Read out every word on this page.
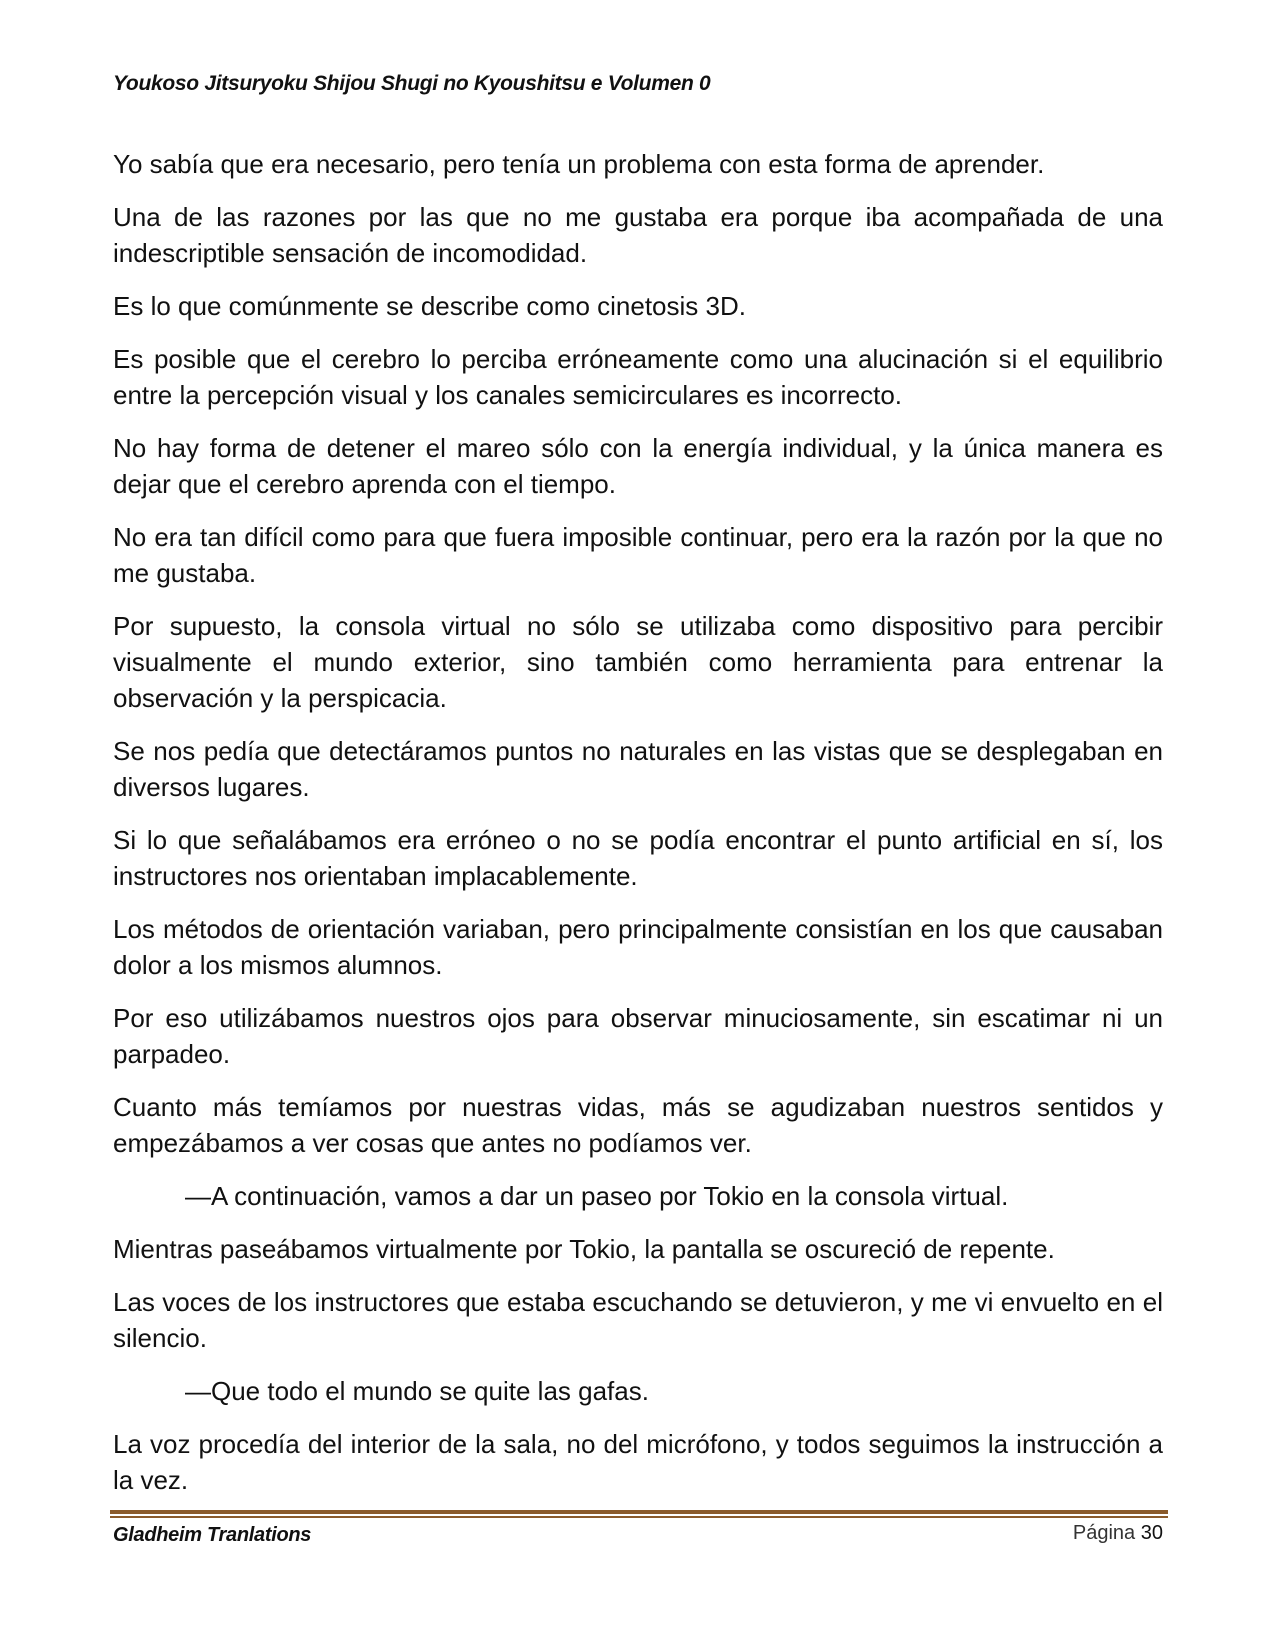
Youkoso Jitsuryoku Shijou Shugi no Kyoushitsu e Volumen 0

Yo sabía que era necesario, pero tenía un problema con esta forma de aprender.

Una de las razones por las que no me gustaba era porque iba acompañada de una indescriptible sensación de incomodidad.

Es lo que comúnmente se describe como cinetosis 3D.

Es posible que el cerebro lo perciba erróneamente como una alucinación si el equilibrio entre la percepción visual y los canales semicirculares es incorrecto.

No hay forma de detener el mareo sólo con la energía individual, y la única manera es dejar que el cerebro aprenda con el tiempo.

No era tan difícil como para que fuera imposible continuar, pero era la razón por la que no me gustaba.

Por supuesto, la consola virtual no sólo se utilizaba como dispositivo para percibir visualmente el mundo exterior, sino también como herramienta para entrenar la observación y la perspicacia.

Se nos pedía que detectáramos puntos no naturales en las vistas que se desplegaban en diversos lugares.

Si lo que señalábamos era erróneo o no se podía encontrar el punto artificial en sí, los instructores nos orientaban implacablemente.

Los métodos de orientación variaban, pero principalmente consistían en los que causaban dolor a los mismos alumnos.

Por eso utilizábamos nuestros ojos para observar minuciosamente, sin escatimar ni un parpadeo.

Cuanto más temíamos por nuestras vidas, más se agudizaban nuestros sentidos y empezábamos a ver cosas que antes no podíamos ver.

—A continuación, vamos a dar un paseo por Tokio en la consola virtual.

Mientras paseábamos virtualmente por Tokio, la pantalla se oscureció de repente.

Las voces de los instructores que estaba escuchando se detuvieron, y me vi envuelto en el silencio.

—Que todo el mundo se quite las gafas.

La voz procedía del interior de la sala, no del micrófono, y todos seguimos la instrucción a la vez.

Gladheim Tranlations	Página 30
